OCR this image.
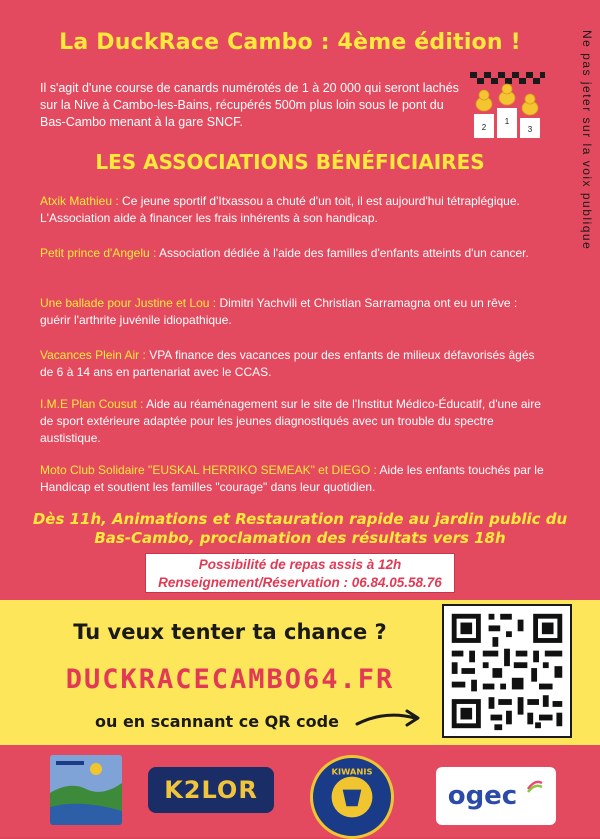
La DuckRace Cambo : 4ème édition !	Ne pas jeter sur la voix publique
Il s'agit d'une course de canards numérotés de 1 à 20 000 qui seront lachés sur la Nive à Cambo-les-Bains, récupérés 500m plus loin sous le pont du Bas-Cambo menant à la gare SNCF.	2
1
3
LES ASSOCIATIONS BÉNÉFICIAIRES
Atxik Mathieu : Ce jeune sportif d'Itxassou a chuté d'un toit, il est aujourd'hui tétraplégique. L'Association aide à financer les frais inhérents à son handicap.
Petit prince d'Angelu : Association dédiée à l'aide des familles d'enfants atteints d'un cancer.
Une ballade pour Justine et Lou : Dimitri Yachvili et Christian Sarramagna ont eu un rêve : guérir l'arthrite juvénile idiopathique.
Vacances Plein Air : VPA finance des vacances pour des enfants de milieux défavorisés âgés de 6 à 14 ans en partenariat avec le CCAS.
I.M.E Plan Cousut : Aide au réaménagement sur le site de l'Institut Médico-Éducatif, d'une aire de sport extérieure adaptée pour les jeunes diagnostiqués avec un trouble du spectre austistique.
Moto Club Solidaire "EUSKAL HERRIKO SEMEAK" et DIEGO : Aide les enfants touchés par le Handicap et soutient les familles "courage" dans leur quotidien.
Dès 11h, Animations et Restauration rapide au jardin public du
Bas-Cambo, proclamation des résultats vers 18h
Possibilité de repas assis à 12h
Renseignement/Réservation : 06.84.05.58.76
Tu veux tenter ta chance ?
DUCKRACECAMBO64.FR
ou en scannant ce QR code
K2LOR
KIWANIS
ogec
